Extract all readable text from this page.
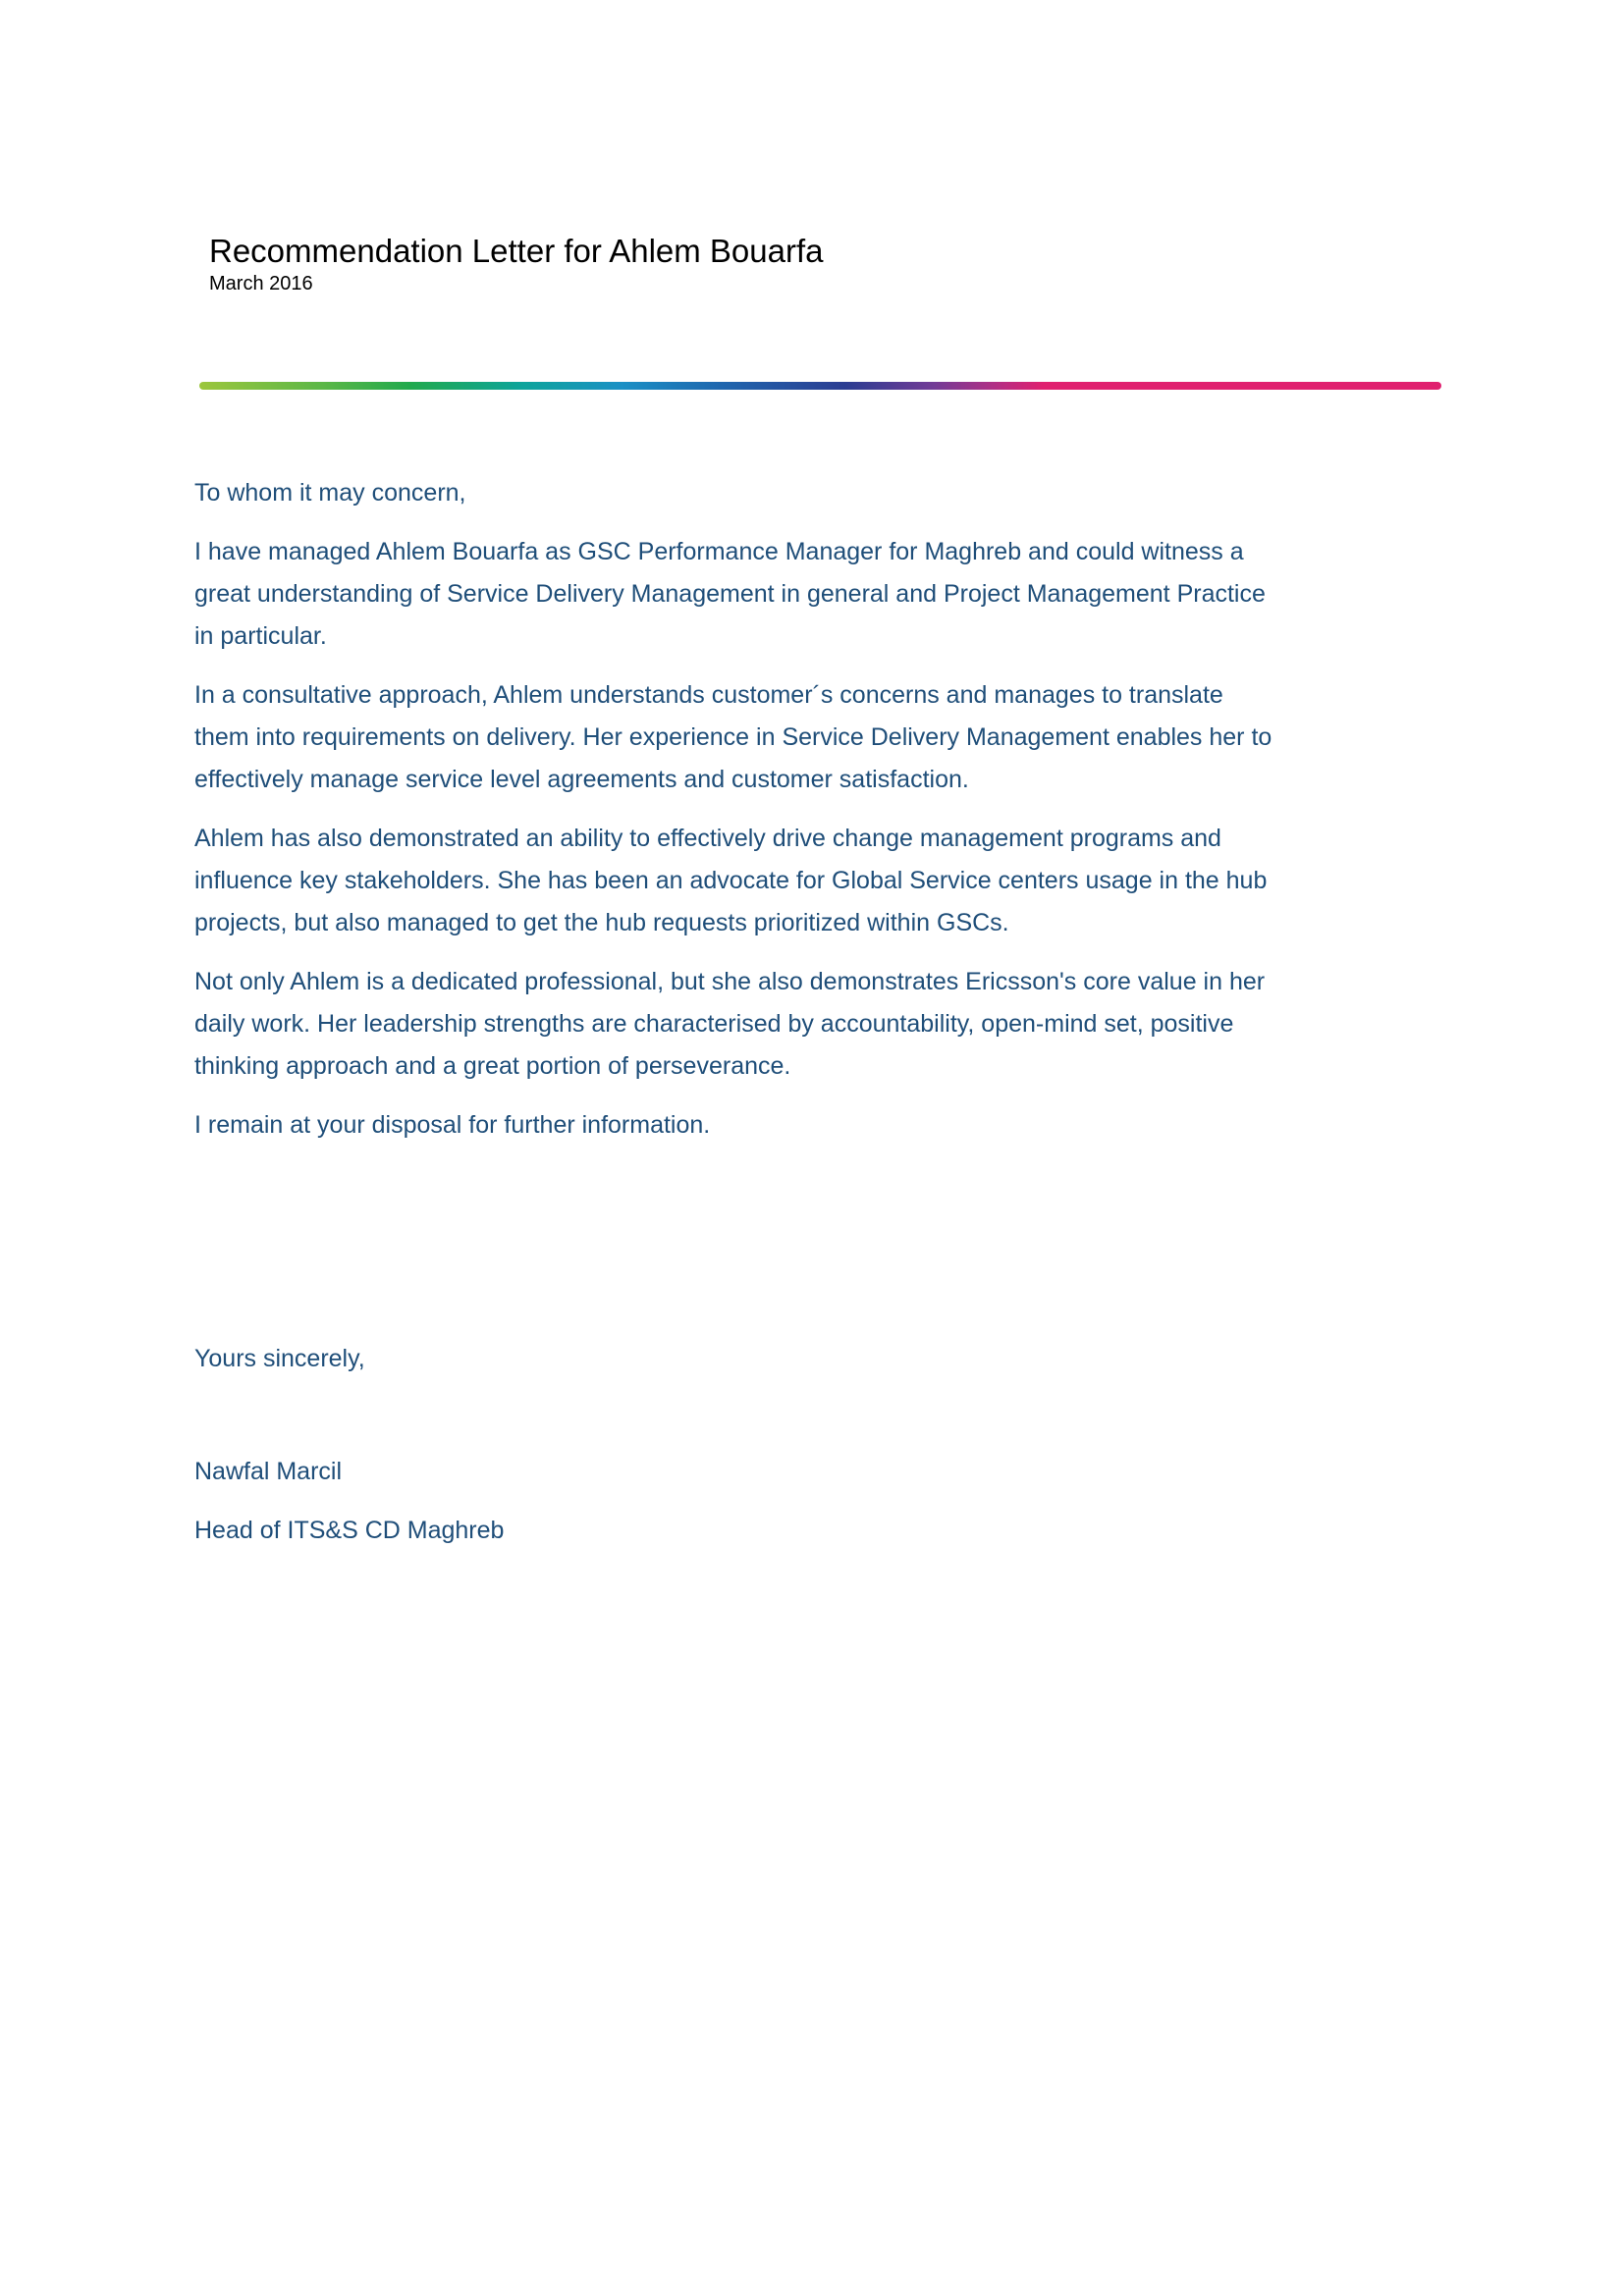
Recommendation Letter for Ahlem Bouarfa
March 2016
To whom it may concern,
I have managed Ahlem Bouarfa as GSC Performance Manager for Maghreb and could witness a
great understanding of Service Delivery Management in general and Project Management Practice
in particular.
In a consultative approach, Ahlem understands customer´s concerns and manages to translate
them into requirements on delivery. Her experience in Service Delivery Management enables her to
effectively manage service level agreements and customer satisfaction.
Ahlem has also demonstrated an ability to effectively drive change management programs and
influence key stakeholders. She has been an advocate for Global Service centers usage in the hub
projects, but also managed to get the hub requests prioritized within GSCs.
Not only Ahlem is a dedicated professional, but she also demonstrates Ericsson's core value in her
daily work. Her leadership strengths are characterised by accountability, open-mind set, positive
thinking approach and a great portion of perseverance.
I remain at your disposal for further information.
Yours sincerely,
Nawfal Marcil
Head of ITS&S CD Maghreb
